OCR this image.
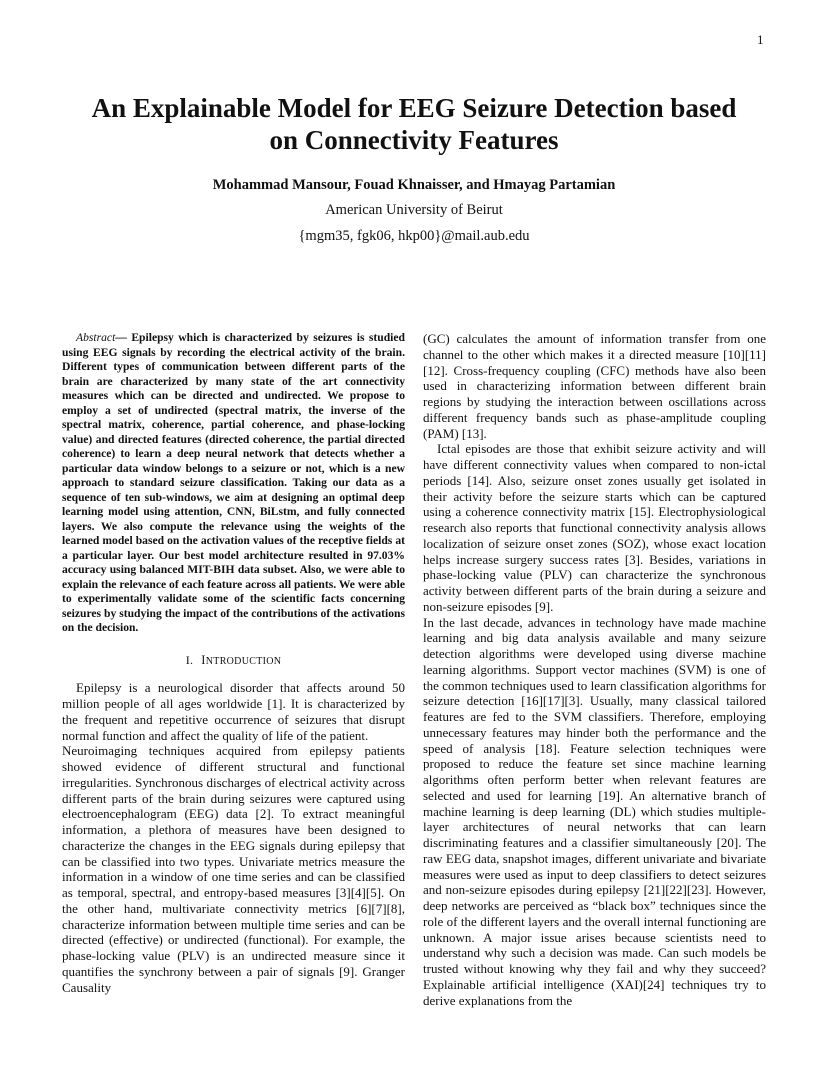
1
An Explainable Model for EEG Seizure Detection based
on Connectivity Features
Mohammad Mansour, Fouad Khnaisser, and Hmayag Partamian
American University of Beirut
{mgm35, fgk06, hkp00}@mail.aub.edu

Abstract— Epilepsy which is characterized by seizures is studied using EEG signals by recording the electrical activity of the brain. Different types of communication between different parts of the brain are characterized by many state of the art connectivity measures which can be directed and undirected. We propose to employ a set of undirected (spectral matrix, the inverse of the spectral matrix, coherence, partial coherence, and phase-locking value) and directed features (directed coherence, the partial directed coherence) to learn a deep neural network that detects whether a particular data window belongs to a seizure or not, which is a new approach to standard seizure classification. Taking our data as a sequence of ten sub-windows, we aim at designing an optimal deep learning model using attention, CNN, BiLstm, and fully connected layers. We also compute the relevance using the weights of the learned model based on the activation values of the receptive fields at a particular layer. Our best model architecture resulted in 97.03% accuracy using balanced MIT-BIH data subset. Also, we were able to explain the relevance of each feature across all patients. We were able to experimentally validate some of the scientific facts concerning seizures by studying the impact of the contributions of the activations on the decision.

I. INTRODUCTION

Epilepsy is a neurological disorder that affects around 50 million people of all ages worldwide [1]. It is characterized by the frequent and repetitive occurrence of seizures that disrupt normal function and affect the quality of life of the patient.

Neuroimaging techniques acquired from epilepsy patients showed evidence of different structural and functional irregularities. Synchronous discharges of electrical activity across different parts of the brain during seizures were captured using electroencephalogram (EEG) data [2]. To extract meaningful information, a plethora of measures have been designed to characterize the changes in the EEG signals during epilepsy that can be classified into two types. Univariate metrics measure the information in a window of one time series and can be classified as temporal, spectral, and entropy-based measures [3][4][5]. On the other hand, multivariate connectivity metrics [6][7][8], characterize information between multiple time series and can be directed (effective) or undirected (functional). For example, the phase-locking value (PLV) is an undirected measure since it quantifies the synchrony between a pair of signals [9]. Granger Causality

(GC) calculates the amount of information transfer from one channel to the other which makes it a directed measure [10][11][12]. Cross-frequency coupling (CFC) methods have also been used in characterizing information between different brain regions by studying the interaction between oscillations across different frequency bands such as phase-amplitude coupling (PAM) [13].

Ictal episodes are those that exhibit seizure activity and will have different connectivity values when compared to non-ictal periods [14]. Also, seizure onset zones usually get isolated in their activity before the seizure starts which can be captured using a coherence connectivity matrix [15]. Electrophysiological research also reports that functional connectivity analysis allows localization of seizure onset zones (SOZ), whose exact location helps increase surgery success rates [3]. Besides, variations in phase-locking value (PLV) can characterize the synchronous activity between different parts of the brain during a seizure and non-seizure episodes [9].

In the last decade, advances in technology have made machine learning and big data analysis available and many seizure detection algorithms were developed using diverse machine learning algorithms. Support vector machines (SVM) is one of the common techniques used to learn classification algorithms for seizure detection [16][17][3]. Usually, many classical tailored features are fed to the SVM classifiers. Therefore, employing unnecessary features may hinder both the performance and the speed of analysis [18]. Feature selection techniques were proposed to reduce the feature set since machine learning algorithms often perform better when relevant features are selected and used for learning [19]. An alternative branch of machine learning is deep learning (DL) which studies multiple-layer architectures of neural networks that can learn discriminating features and a classifier simultaneously [20]. The raw EEG data, snapshot images, different univariate and bivariate measures were used as input to deep classifiers to detect seizures and non-seizure episodes during epilepsy [21][22][23]. However, deep networks are perceived as “black box” techniques since the role of the different layers and the overall internal functioning are unknown. A major issue arises because scientists need to understand why such a decision was made. Can such models be trusted without knowing why they fail and why they succeed? Explainable artificial intelligence (XAI)[24] techniques try to derive explanations from the
